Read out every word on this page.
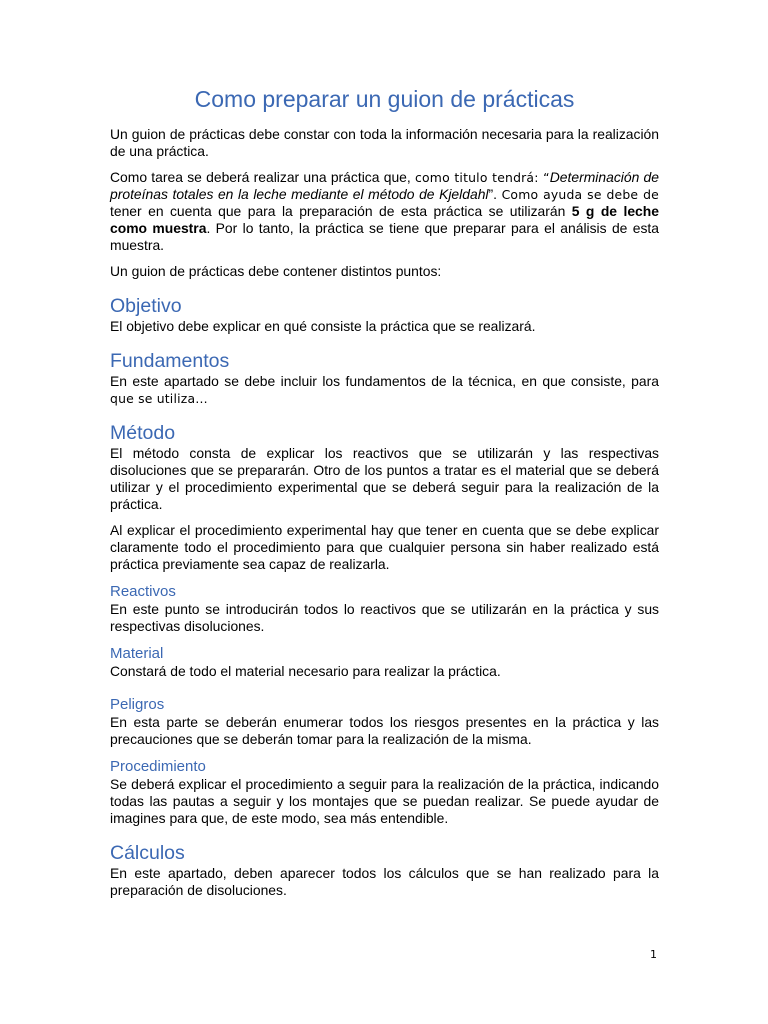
Como preparar un guion de prácticas

Un guion de prácticas debe constar con toda la información necesaria para la realización de una práctica.

Como tarea se deberá realizar una práctica que, como titulo tendrá: “Determinación de proteínas totales en la leche mediante el método de Kjeldahl”. Como ayuda se debe de tener en cuenta que para la preparación de esta práctica se utilizarán 5 g de leche como muestra. Por lo tanto, la práctica se tiene que preparar para el análisis de esta muestra.

Un guion de prácticas debe contener distintos puntos:

Objetivo

El objetivo debe explicar en qué consiste la práctica que se realizará.

Fundamentos

En este apartado se debe incluir los fundamentos de la técnica, en que consiste, para que se utiliza…

Método

El método consta de explicar los reactivos que se utilizarán y las respectivas disoluciones que se prepararán. Otro de los puntos a tratar es el material que se deberá utilizar y el procedimiento experimental que se deberá seguir para la realización de la práctica.

Al explicar el procedimiento experimental hay que tener en cuenta que se debe explicar claramente todo el procedimiento para que cualquier persona sin haber realizado está práctica previamente sea capaz de realizarla.

Reactivos

En este punto se introducirán todos lo reactivos que se utilizarán en la práctica y sus respectivas disoluciones.

Material

Constará de todo el material necesario para realizar la práctica.

Peligros

En esta parte se deberán enumerar todos los riesgos presentes en la práctica y las precauciones que se deberán tomar para la realización de la misma.

Procedimiento

Se deberá explicar el procedimiento a seguir para la realización de la práctica, indicando todas las pautas a seguir y los montajes que se puedan realizar. Se puede ayudar de imagines para que, de este modo, sea más entendible.

Cálculos

En este apartado, deben aparecer todos los cálculos que se han realizado para la preparación de disoluciones.

1
